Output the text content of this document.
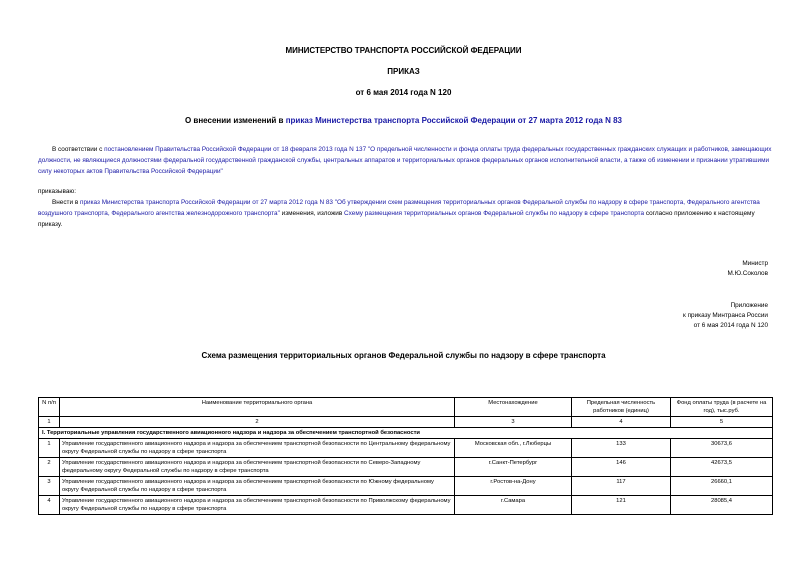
МИНИСТЕРСТВО ТРАНСПОРТА РОССИЙСКОЙ ФЕДЕРАЦИИ
ПРИКАЗ
от 6 мая 2014 года N 120
О внесении изменений в приказ Министерства транспорта Российской Федерации от 27 марта 2012 года N 83
В соответствии с постановлением Правительства Российской Федерации от 18 февраля 2013 года N 137 "О предельной численности и фонда оплаты труда федеральных государственных гражданских служащих и работников, замещающих должности, не являющиеся должностями федеральной государственной гражданской службы, центральных аппаратов и территориальных органов федеральных органов исполнительной власти, а также об изменении и признании утратившими силу некоторых актов Правительства Российской Федерации"
приказываю:
Внести в приказ Министерства транспорта Российской Федерации от 27 марта 2012 года N 83 "Об утверждении схем размещения территориальных органов Федеральной службы по надзору в сфере транспорта, Федерального агентства воздушного транспорта, Федерального агентства железнодорожного транспорта" изменения, изложив Схему размещения территориальных органов Федеральной службы по надзору в сфере транспорта согласно приложению к настоящему приказу.
Министр
М.Ю.Соколов
Приложение
к приказу Минтранса России
от 6 мая 2014 года N 120
Схема размещения территориальных органов Федеральной службы по надзору в сфере транспорта
N п/п	Наименование территориального органа	Местонахождение	Предельная численность работников (единиц)	Фонд оплаты труда (в расчете на год), тыс.руб.
1	2	3	4	5
I. Территориальные управления государственного авиационного надзора и надзора за обеспечением транспортной безопасности				
1	Управление государственного авиационного надзора и надзора за обеспечением транспортной безопасности по Центральному федеральному округу Федеральной службы по надзору в сфере транспорта	Московская обл., г.Люберцы	133	30673,6
2	Управление государственного авиационного надзора и надзора за обеспечением транспортной безопасности по Северо-Западному федеральному округу Федеральной службы по надзору в сфере транспорта	г.Санкт-Петербург	146	42673,5
3	Управление государственного авиационного надзора и надзора за обеспечением транспортной безопасности по Южному федеральному округу Федеральной службы по надзору в сфере транспорта	г.Ростов-на-Дону	117	26660,1
4	Управление государственного авиационного надзора и надзора за обеспечением транспортной безопасности по Приволжскому федеральному округу Федеральной службы по надзору в сфере транспорта	г.Самара	121	28085,4
